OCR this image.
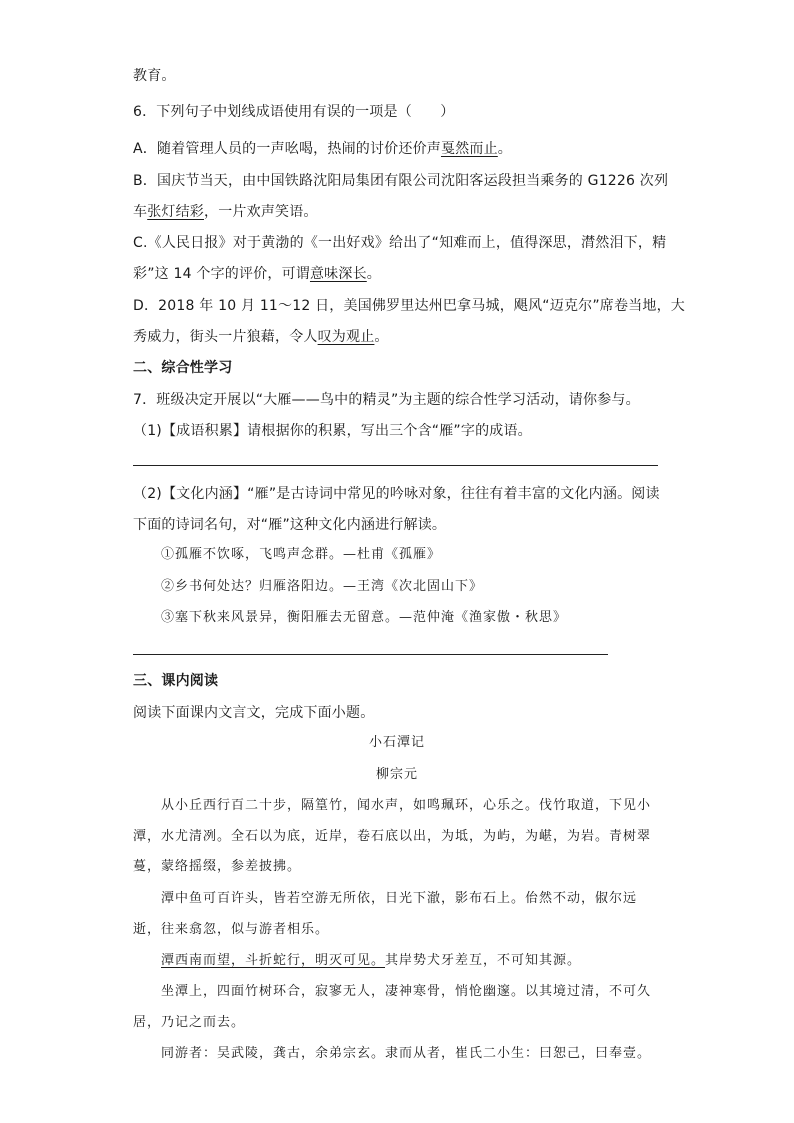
教育。
6．下列句子中划线成语使用有误的一项是（　　）
A．随着管理人员的一声吆喝，热闹的讨价还价声戛然而止。
B．国庆节当天，由中国铁路沈阳局集团有限公司沈阳客运段担当乘务的 G1226 次列
车张灯结彩，一片欢声笑语。
C.《人民日报》对于黄渤的《一出好戏》给出了“知难而上，值得深思，潸然泪下，精
彩”这 14 个字的评价，可谓意味深长。
D．2018 年 10 月 11～12 日，美国佛罗里达州巴拿马城，飓风“迈克尔”席卷当地，大
秀威力，街头一片狼藉，令人叹为观止。
二、综合性学习
7．班级决定开展以“大雁——鸟中的精灵”为主题的综合性学习活动，请你参与。
（1)【成语积累】请根据你的积累，写出三个含“雁”字的成语。
（2)【文化内涵】“雁”是古诗词中常见的吟咏对象，往往有着丰富的文化内涵。阅读
下面的诗词名句，对“雁”这种文化内涵进行解读。
①孤雁不饮啄，飞鸣声念群。—杜甫《孤雁》
②乡书何处达？归雁洛阳边。—王湾《次北固山下》
③塞下秋来风景异，衡阳雁去无留意。—范仲淹《渔家傲・秋思》
三、课内阅读
阅读下面课内文言文，完成下面小题。
小石潭记
柳宗元
从小丘西行百二十步，隔篁竹，闻水声，如鸣珮环，心乐之。伐竹取道，下见小
潭，水尤清冽。全石以为底，近岸，卷石底以出，为坻，为屿，为嵁，为岩。青树翠
蔓，蒙络摇缀，参差披拂。
潭中鱼可百许头，皆若空游无所依，日光下澈，影布石上。佁然不动，俶尔远
逝，往来翕忽，似与游者相乐。
潭西南而望，斗折蛇行，明灭可见。其岸势犬牙差互，不可知其源。
坐潭上，四面竹树环合，寂寥无人，凄神寒骨，悄怆幽邃。以其境过清，不可久
居，乃记之而去。
同游者：吴武陵，龚古，余弟宗玄。隶而从者，崔氏二小生：曰恕己，曰奉壹。
